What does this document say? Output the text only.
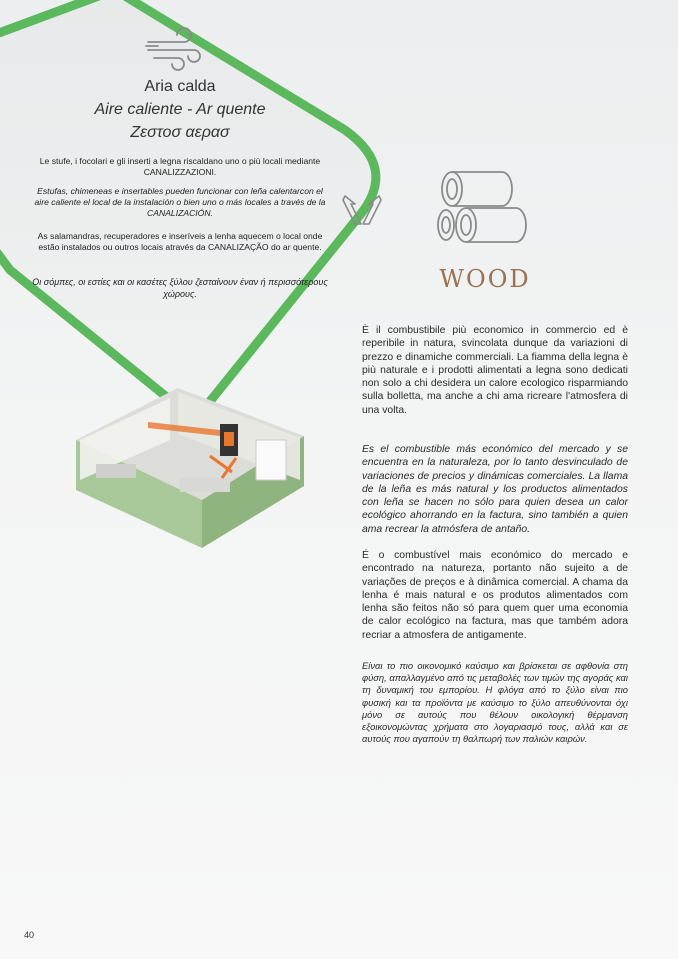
Aria calda
Aire caliente - Ar quente
Ζεστοσ αερασ
Le stufe, i focolari e gli inserti a legna riscaldano uno o più locali mediante CANALIZZAZIONI.
Estufas, chimeneas e insertables pueden funcionar con leña calentarcon el aire caliente el local de la instalación o bien uno o más locales a través de la CANALIZACIÓN.
As salamandras, recuperadores e inseríveis a lenha aquecem o local onde estão instalados ou outros locais através da CANALIZAÇÃO do ar quente.
Οι σόμπες, οι εστίες και οι κασέτες ξύλου ζεσταίνουν έναν ή περισσότερους χώρους.
WOOD
È il combustibile più economico in commercio ed è reperibile in natura, svincolata dunque da variazioni di prezzo e dinamiche commerciali. La fiamma della legna è più naturale e i prodotti alimentati a legna sono dedicati non solo a chi desidera un calore ecologico risparmiando sulla bolletta, ma anche a chi ama ricreare l'atmosfera di una volta.
Es el combustible más económico del mercado y se encuentra en la naturaleza, por lo tanto desvinculado de variaciones de precios y dinámicas comerciales. La llama de la leña es más natural y los productos alimentados con leña se hacen no sólo para quien desea un calor ecológico ahorrando en la factura, sino también a quien ama recrear la atmósfera de antaño.
É o combustível mais económico do mercado e encontrado na natureza, portanto não sujeito a de variações de preços e à dinâmica comercial. A chama da lenha é mais natural e os produtos alimentados com lenha são feitos não só para quem quer uma economia de calor ecológico na factura, mas que também adora recriar a atmosfera de antigamente.
Είναι το πιο οικονομικό καύσιμο και βρίσκεται σε αφθονία στη φύση, απαλλαγμένο από τις μεταβολές των τιμών της αγοράς και τη δυναμική του εμπορίου. Η φλόγα από το ξύλο είναι πιο φυσική και τα προϊόντα με καύσιμο το ξύλο απευθύνονται όχι μόνο σε αυτούς που θέλουν οικολογική θέρμανση εξοικονομώντας χρήματα στο λογαριασμό τους, αλλά και σε αυτούς που αγαπούν τη θαλπωρή των παλιών καιρών.
40
